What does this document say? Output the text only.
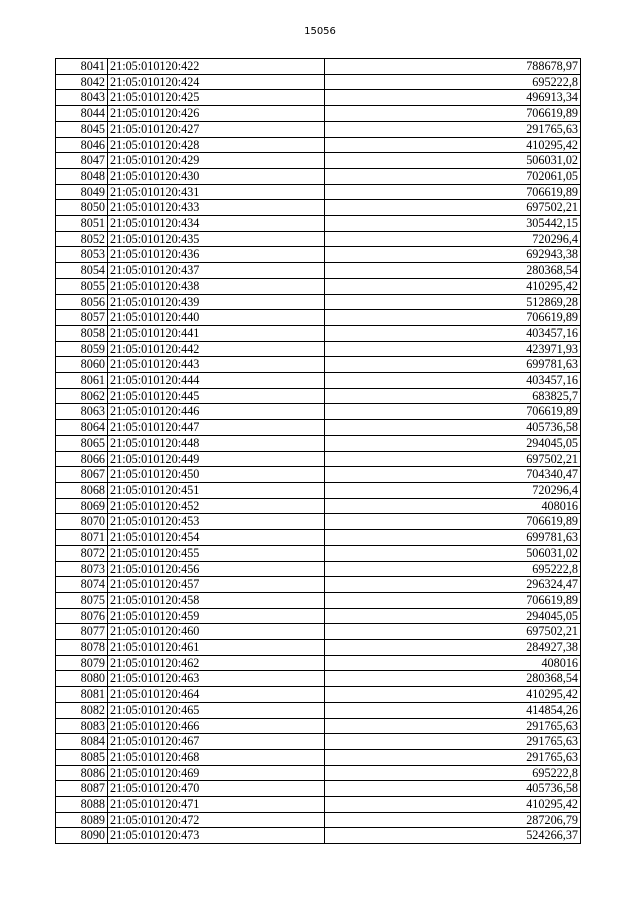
15056
8041	21:05:010120:422	788678,97
8042	21:05:010120:424	695222,8
8043	21:05:010120:425	496913,34
8044	21:05:010120:426	706619,89
8045	21:05:010120:427	291765,63
8046	21:05:010120:428	410295,42
8047	21:05:010120:429	506031,02
8048	21:05:010120:430	702061,05
8049	21:05:010120:431	706619,89
8050	21:05:010120:433	697502,21
8051	21:05:010120:434	305442,15
8052	21:05:010120:435	720296,4
8053	21:05:010120:436	692943,38
8054	21:05:010120:437	280368,54
8055	21:05:010120:438	410295,42
8056	21:05:010120:439	512869,28
8057	21:05:010120:440	706619,89
8058	21:05:010120:441	403457,16
8059	21:05:010120:442	423971,93
8060	21:05:010120:443	699781,63
8061	21:05:010120:444	403457,16
8062	21:05:010120:445	683825,7
8063	21:05:010120:446	706619,89
8064	21:05:010120:447	405736,58
8065	21:05:010120:448	294045,05
8066	21:05:010120:449	697502,21
8067	21:05:010120:450	704340,47
8068	21:05:010120:451	720296,4
8069	21:05:010120:452	408016
8070	21:05:010120:453	706619,89
8071	21:05:010120:454	699781,63
8072	21:05:010120:455	506031,02
8073	21:05:010120:456	695222,8
8074	21:05:010120:457	296324,47
8075	21:05:010120:458	706619,89
8076	21:05:010120:459	294045,05
8077	21:05:010120:460	697502,21
8078	21:05:010120:461	284927,38
8079	21:05:010120:462	408016
8080	21:05:010120:463	280368,54
8081	21:05:010120:464	410295,42
8082	21:05:010120:465	414854,26
8083	21:05:010120:466	291765,63
8084	21:05:010120:467	291765,63
8085	21:05:010120:468	291765,63
8086	21:05:010120:469	695222,8
8087	21:05:010120:470	405736,58
8088	21:05:010120:471	410295,42
8089	21:05:010120:472	287206,79
8090	21:05:010120:473	524266,37
